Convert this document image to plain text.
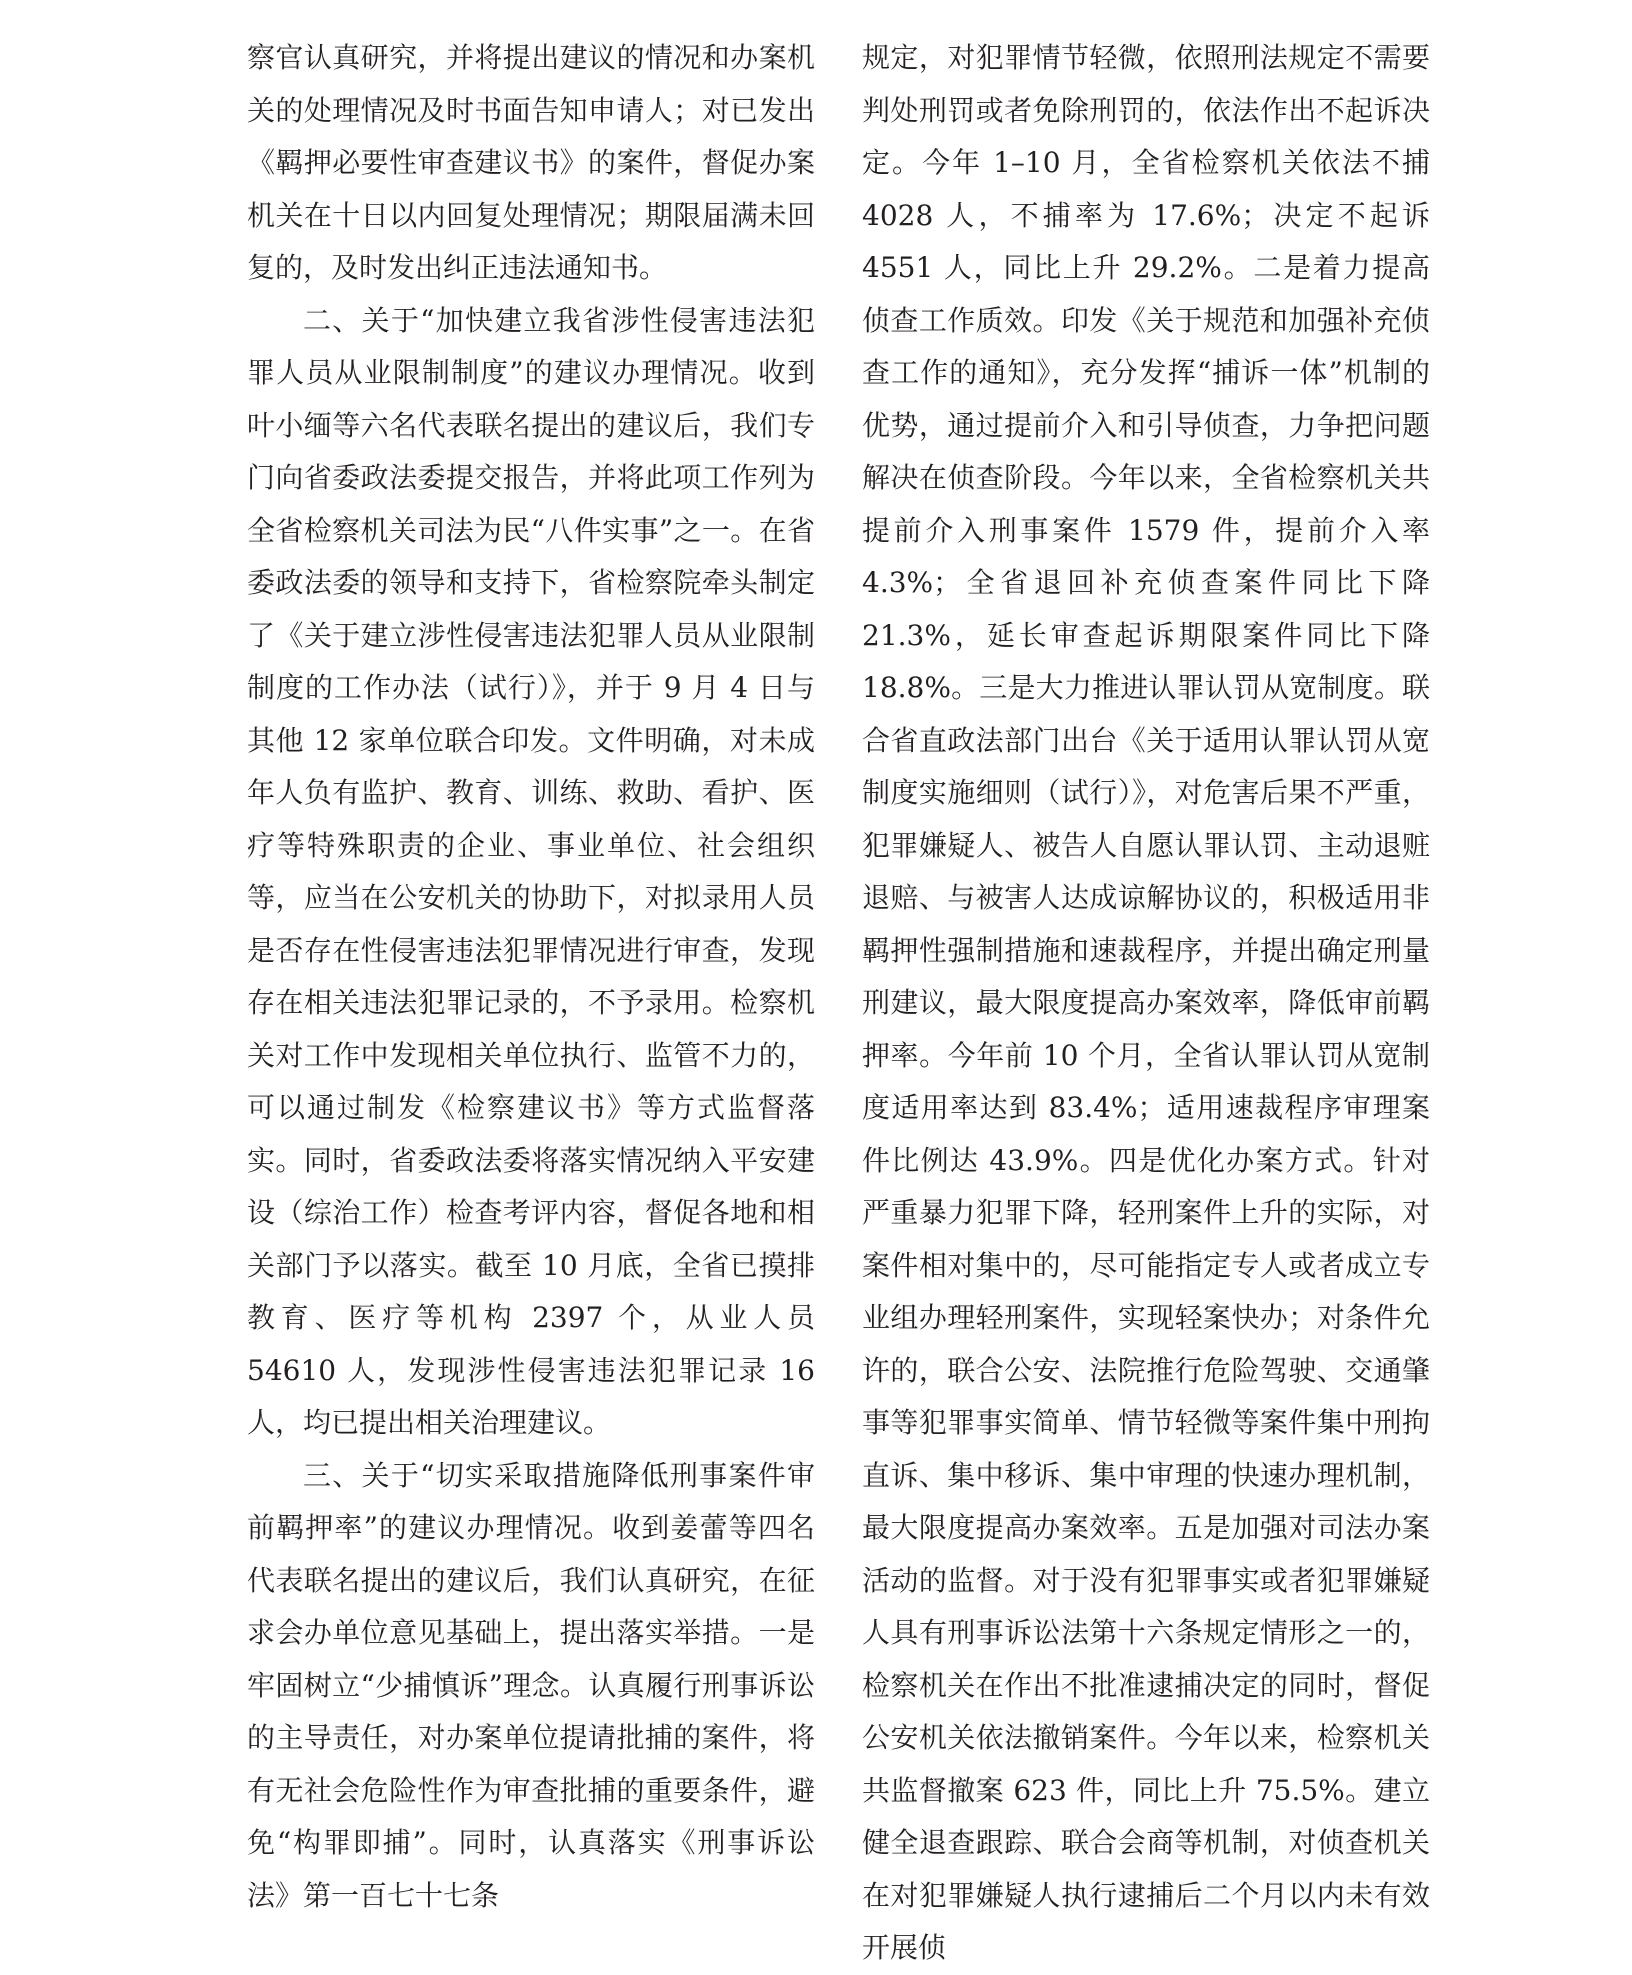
察官认真研究，并将提出建议的情况和办案机关的处理情况及时书面告知申请人；对已发出《羁押必要性审查建议书》的案件，督促办案机关在十日以内回复处理情况；期限届满未回复的，及时发出纠正违法通知书。

二、关于“加快建立我省涉性侵害违法犯罪人员从业限制制度”的建议办理情况。收到叶小缅等六名代表联名提出的建议后，我们专门向省委政法委提交报告，并将此项工作列为全省检察机关司法为民“八件实事”之一。在省委政法委的领导和支持下，省检察院牵头制定了《关于建立涉性侵害违法犯罪人员从业限制制度的工作办法（试行）》，并于 9 月 4 日与其他 12 家单位联合印发。文件明确，对未成年人负有监护、教育、训练、救助、看护、医疗等特殊职责的企业、事业单位、社会组织等，应当在公安机关的协助下，对拟录用人员是否存在性侵害违法犯罪情况进行审查，发现存在相关违法犯罪记录的，不予录用。检察机关对工作中发现相关单位执行、监管不力的，可以通过制发《检察建议书》等方式监督落实。同时，省委政法委将落实情况纳入平安建设（综治工作）检查考评内容，督促各地和相关部门予以落实。截至 10 月底，全省已摸排教育、医疗等机构 2397 个，从业人员 54610 人，发现涉性侵害违法犯罪记录 16 人，均已提出相关治理建议。

三、关于“切实采取措施降低刑事案件审前羁押率”的建议办理情况。收到姜蕾等四名代表联名提出的建议后，我们认真研究，在征求会办单位意见基础上，提出落实举措。一是牢固树立“少捕慎诉”理念。认真履行刑事诉讼的主导责任，对办案单位提请批捕的案件，将有无社会危险性作为审查批捕的重要条件，避免“构罪即捕”。同时，认真落实《刑事诉讼法》第一百七十七条

规定，对犯罪情节轻微，依照刑法规定不需要判处刑罚或者免除刑罚的，依法作出不起诉决定。今年 1–10 月，全省检察机关依法不捕 4028 人，不捕率为 17.6%；决定不起诉 4551 人，同比上升 29.2%。二是着力提高侦查工作质效。印发《关于规范和加强补充侦查工作的通知》，充分发挥“捕诉一体”机制的优势，通过提前介入和引导侦查，力争把问题解决在侦查阶段。今年以来，全省检察机关共提前介入刑事案件 1579 件，提前介入率 4.3%；全省退回补充侦查案件同比下降 21.3%，延长审查起诉期限案件同比下降 18.8%。三是大力推进认罪认罚从宽制度。联合省直政法部门出台《关于适用认罪认罚从宽制度实施细则（试行）》，对危害后果不严重，犯罪嫌疑人、被告人自愿认罪认罚、主动退赃退赔、与被害人达成谅解协议的，积极适用非羁押性强制措施和速裁程序，并提出确定刑量刑建议，最大限度提高办案效率，降低审前羁押率。今年前 10 个月，全省认罪认罚从宽制度适用率达到 83.4%；适用速裁程序审理案件比例达 43.9%。四是优化办案方式。针对严重暴力犯罪下降，轻刑案件上升的实际，对案件相对集中的，尽可能指定专人或者成立专业组办理轻刑案件，实现轻案快办；对条件允许的，联合公安、法院推行危险驾驶、交通肇事等犯罪事实简单、情节轻微等案件集中刑拘直诉、集中移诉、集中审理的快速办理机制，最大限度提高办案效率。五是加强对司法办案活动的监督。对于没有犯罪事实或者犯罪嫌疑人具有刑事诉讼法第十六条规定情形之一的，检察机关在作出不批准逮捕决定的同时，督促公安机关依法撤销案件。今年以来，检察机关共监督撤案 623 件，同比上升 75.5%。建立健全退查跟踪、联合会商等机制，对侦查机关在对犯罪嫌疑人执行逮捕后二个月以内未有效开展侦
